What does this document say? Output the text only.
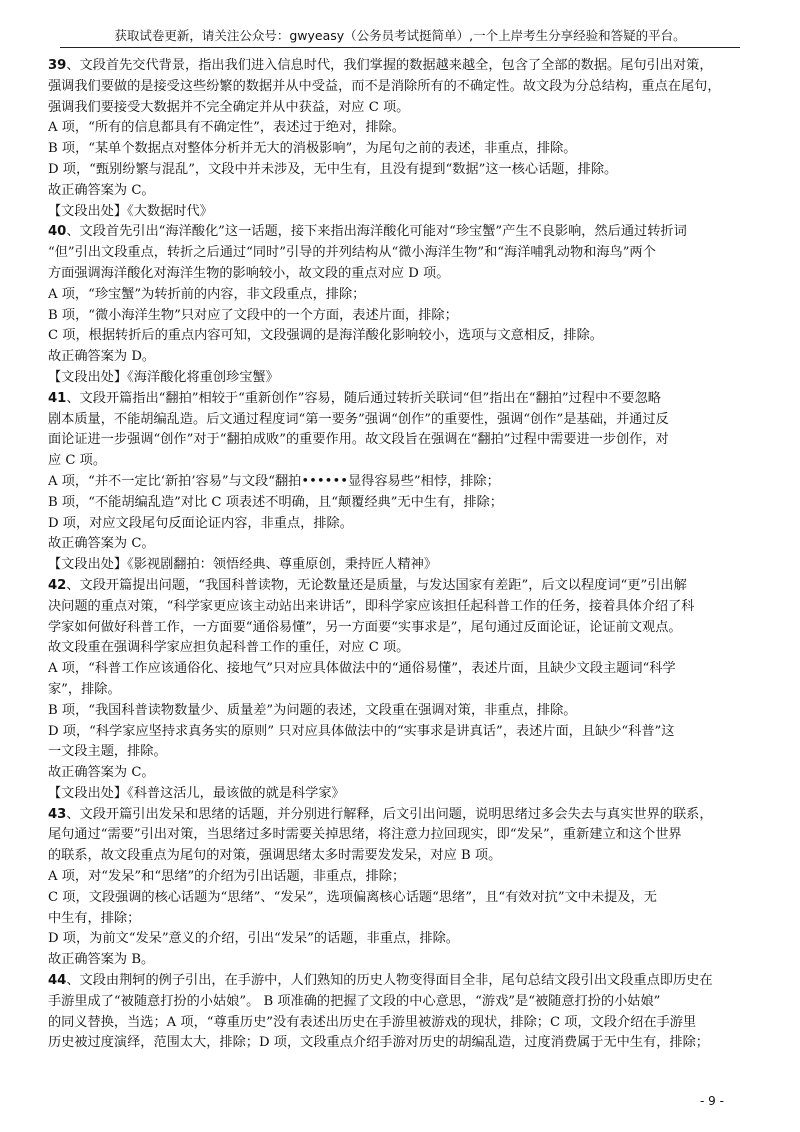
获取试卷更新，请关注公众号：gwyeasy（公务员考试挺简单）,一个上岸考生分享经验和答疑的平台。
39、文段首先交代背景，指出我们进入信息时代，我们掌握的数据越来越全，包含了全部的数据。尾句引出对策，
强调我们要做的是接受这些纷繁的数据并从中受益，而不是消除所有的不确定性。故文段为分总结构，重点在尾句，
强调我们要接受大数据并不完全确定并从中获益，对应 C 项。
A 项，“所有的信息都具有不确定性”，表述过于绝对，排除。
B 项，“某单个数据点对整体分析并无大的消极影响”，为尾句之前的表述，非重点，排除。
D 项，“甄别纷繁与混乱”，文段中并未涉及，无中生有，且没有提到“数据”这一核心话题，排除。
故正确答案为 C。
【文段出处】《大数据时代》
40、文段首先引出“海洋酸化”这一话题，接下来指出海洋酸化可能对“珍宝蟹”产生不良影响，然后通过转折词
“但”引出文段重点，转折之后通过“同时”引导的并列结构从“微小海洋生物”和“海洋哺乳动物和海鸟”两个
方面强调海洋酸化对海洋生物的影响较小，故文段的重点对应 D 项。
A 项，“珍宝蟹”为转折前的内容，非文段重点，排除；
B 项，“微小海洋生物”只对应了文段中的一个方面，表述片面，排除；
C 项，根据转折后的重点内容可知，文段强调的是海洋酸化影响较小，选项与文意相反，排除。
故正确答案为 D。
【文段出处】《海洋酸化将重创珍宝蟹》
41、文段开篇指出“翻拍”相较于“重新创作”容易，随后通过转折关联词“但”指出在“翻拍”过程中不要忽略
剧本质量，不能胡编乱造。后文通过程度词“第一要务”强调“创作”的重要性，强调“创作”是基础，并通过反
面论证进一步强调“创作”对于“翻拍成败”的重要作用。故文段旨在强调在“翻拍”过程中需要进一步创作，对
应 C 项。
A 项，“并不一定比‘新拍’容易”与文段“翻拍••••••显得容易些”相悖，排除；
B 项，“不能胡编乱造”对比 C 项表述不明确，且“颠覆经典”无中生有，排除；
D 项，对应文段尾句反面论证内容，非重点，排除。
故正确答案为 C。
【文段出处】《影视剧翻拍：领悟经典、尊重原创，秉持匠人精神》
42、文段开篇提出问题，“我国科普读物，无论数量还是质量，与发达国家有差距”，后文以程度词“更”引出解
决问题的重点对策，“科学家更应该主动站出来讲话”，即科学家应该担任起科普工作的任务，接着具体介绍了科
学家如何做好科普工作，一方面要“通俗易懂”，另一方面要“实事求是”，尾句通过反面论证，论证前文观点。
故文段重在强调科学家应担负起科普工作的重任，对应 C 项。
A 项，“科普工作应该通俗化、接地气”只对应具体做法中的“通俗易懂”，表述片面，且缺少文段主题词“科学
家”，排除。
B 项，“我国科普读物数量少、质量差”为问题的表述，文段重在强调对策，非重点，排除。
D 项，“科学家应坚持求真务实的原则” 只对应具体做法中的“实事求是讲真话”，表述片面，且缺少“科普”这
一文段主题，排除。
故正确答案为 C。
【文段出处】《科普这活儿，最该做的就是科学家》
43、文段开篇引出发呆和思绪的话题，并分别进行解释，后文引出问题，说明思绪过多会失去与真实世界的联系，
尾句通过“需要”引出对策，当思绪过多时需要关掉思绪，将注意力拉回现实，即“发呆”，重新建立和这个世界
的联系，故文段重点为尾句的对策，强调思绪太多时需要发发呆，对应 B 项。
A 项，对“发呆”和“思绪”的介绍为引出话题，非重点，排除；
C 项，文段强调的核心话题为“思绪”、“发呆”，选项偏离核心话题“思绪”，且“有效对抗”文中未提及，无
中生有，排除；
D 项，为前文“发呆”意义的介绍，引出“发呆”的话题，非重点，排除。
故正确答案为 B。
44、文段由荆轲的例子引出，在手游中，人们熟知的历史人物变得面目全非，尾句总结文段引出文段重点即历史在
手游里成了“被随意打扮的小姑娘”。 B 项准确的把握了文段的中心意思，“游戏”是“被随意打扮的小姑娘”
的同义替换，当选；A 项，“尊重历史”没有表述出历史在手游里被游戏的现状，排除；C 项，文段介绍在手游里
历史被过度演绎，范围太大，排除；D 项，文段重点介绍手游对历史的胡编乱造，过度消费属于无中生有，排除；
- 9 -
